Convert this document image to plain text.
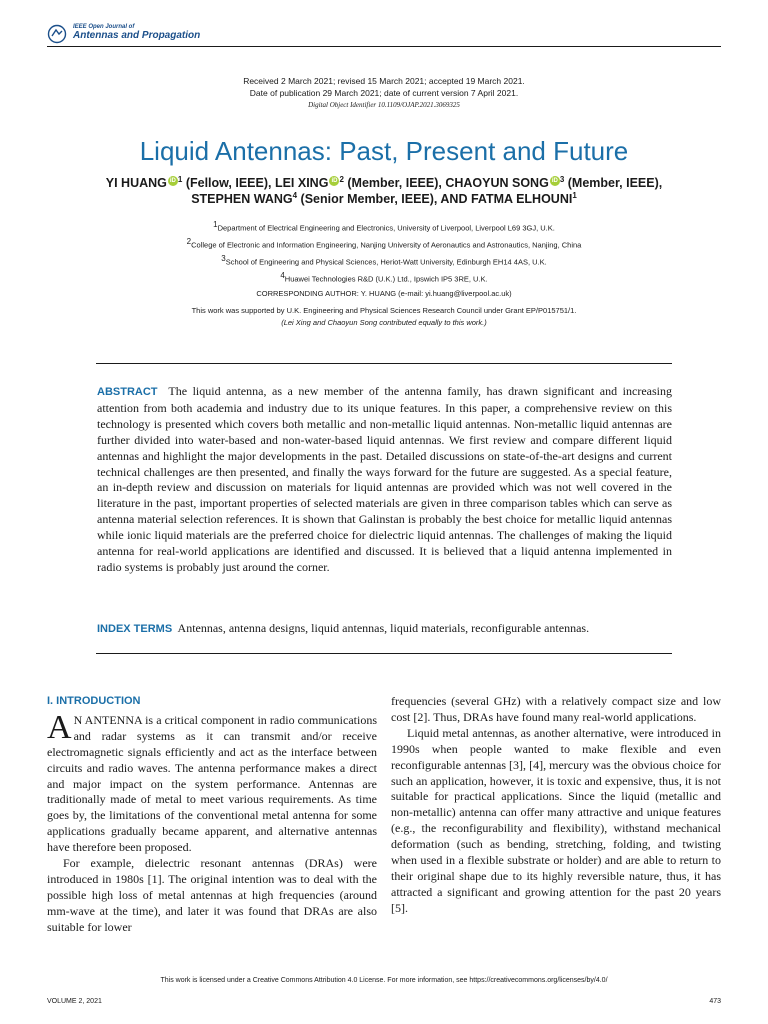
IEEE Open Journal of
Antennas and Propagation
Received 2 March 2021; revised 15 March 2021; accepted 19 March 2021.
Date of publication 29 March 2021; date of current version 7 April 2021.
Digital Object Identifier 10.1109/OJAP.2021.3069325
Liquid Antennas: Past, Present and Future
YI HUANG iD $^1$ (Fellow, IEEE), LEI XING iD $^2$ (Member, IEEE), CHAOYUN SONG iD $^3$ (Member, IEEE),
STEPHEN WANG$^4$ (Senior Member, IEEE), AND FATMA ELHOUNI$^1$
$^1$Department of Electrical Engineering and Electronics, University of Liverpool, Liverpool L69 3GJ, U.K.
$^2$College of Electronic and Information Engineering, Nanjing University of Aeronautics and Astronautics, Nanjing, China
$^3$School of Engineering and Physical Sciences, Heriot-Watt University, Edinburgh EH14 4AS, U.K.
$^4$Huawei Technologies R&D (U.K.) Ltd., Ipswich IP5 3RE, U.K.
CORRESPONDING AUTHOR: Y. HUANG (e-mail: yi.huang@liverpool.ac.uk)
This work was supported by U.K. Engineering and Physical Sciences Research Council under Grant EP/P015751/1.
(Lei Xing and Chaoyun Song contributed equally to this work.)
ABSTRACT The liquid antenna, as a new member of the antenna family, has drawn significant and increasing attention from both academia and industry due to its unique features. In this paper, a comprehensive review on this technology is presented which covers both metallic and non-metallic liquid antennas. Non-metallic liquid antennas are further divided into water-based and non-water-based liquid antennas. We first review and compare different liquid antennas and highlight the major developments in the past. Detailed discussions on state-of-the-art designs and current technical challenges are then presented, and finally the ways forward for the future are suggested. As a special feature, an in-depth review and discussion on materials for liquid antennas are provided which was not well covered in the literature in the past, important properties of selected materials are given in three comparison tables which can serve as antenna material selection references. It is shown that Galinstan is probably the best choice for metallic liquid antennas while ionic liquid materials are the preferred choice for dielectric liquid antennas. The challenges of making the liquid antenna for real-world applications are identified and discussed. It is believed that a liquid antenna implemented in radio systems is probably just around the corner.
INDEX TERMS Antennas, antenna designs, liquid antennas, liquid materials, reconfigurable antennas.
I. INTRODUCTION

A N ANTENNA is a critical component in radio communications and radar systems as it can transmit and/or receive electromagnetic signals efficiently and act as the interface between circuits and radio waves. The antenna performance makes a direct and major impact on the system performance. Antennas are traditionally made of metal to meet various requirements. As time goes by, the limitations of the conventional metal antenna for some applications gradually became apparent, and alternative antennas have therefore been proposed.

For example, dielectric resonant antennas (DRAs) were introduced in 1980s [1]. The original intention was to deal with the possible high loss of metal antennas at high frequencies (around mm-wave at the time), and later it was found that DRAs are also suitable for lower

frequencies (several GHz) with a relatively compact size and low cost [2]. Thus, DRAs have found many real-world applications.

Liquid metal antennas, as another alternative, were introduced in 1990s when people wanted to make flexible and even reconfigurable antennas [3], [4], mercury was the obvious choice for such an application, however, it is toxic and expensive, thus, it is not suitable for practical applications. Since the liquid (metallic and non-metallic) antenna can offer many attractive and unique features (e.g., the reconfigurability and flexibility), withstand mechanical deformation (such as bending, stretching, folding, and twisting when used in a flexible substrate or holder) and are able to return to their original shape due to its highly reversible nature, thus, it has attracted a significant and growing attention for the past 20 years [5].

This work is licensed under a Creative Commons Attribution 4.0 License. For more information, see https://creativecommons.org/licenses/by/4.0/
VOLUME 2, 2021	473
